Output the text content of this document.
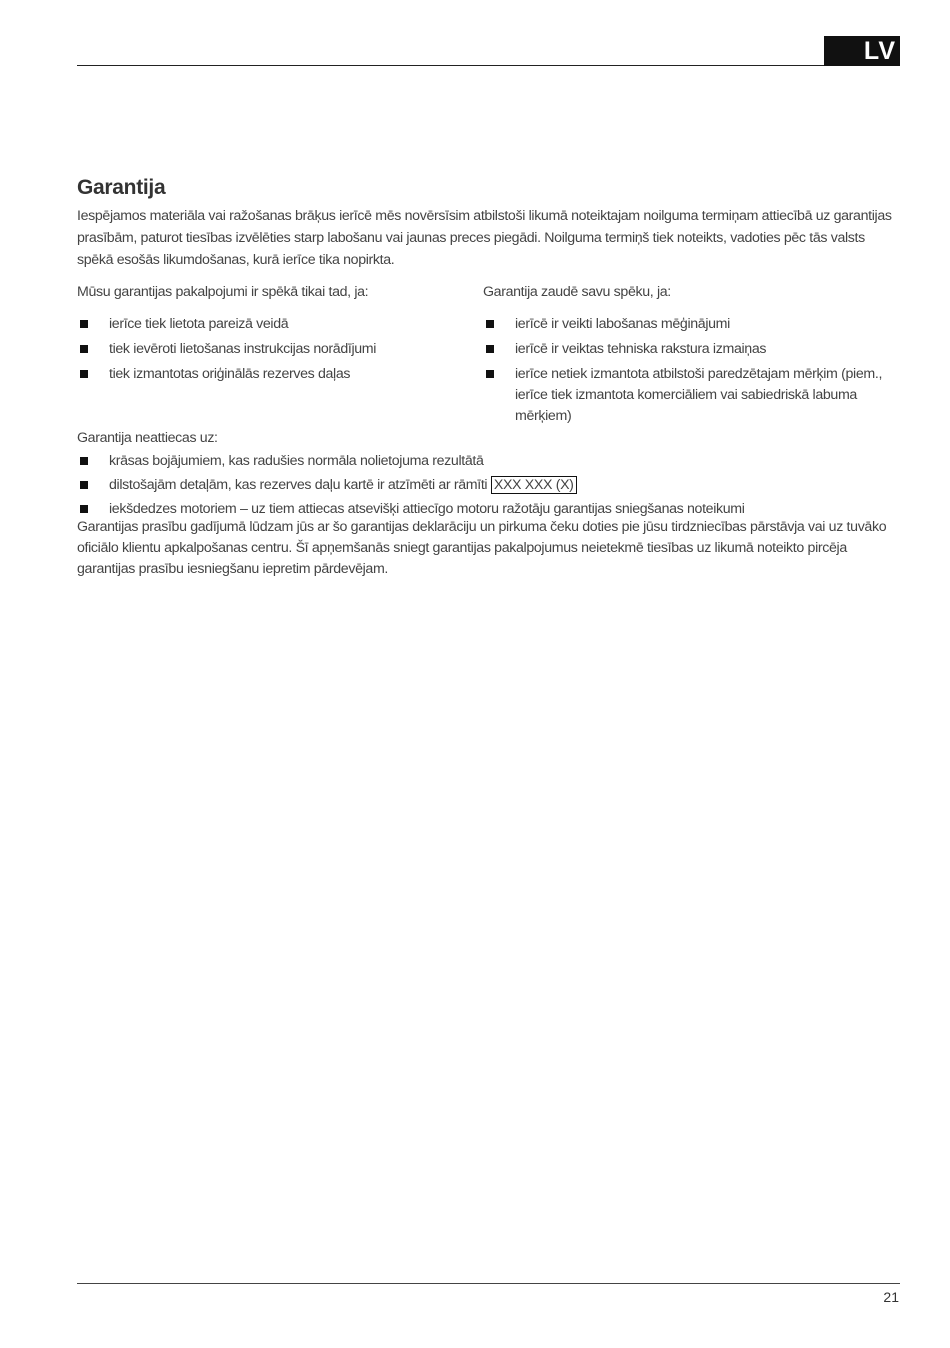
LV
Garantija

Iespējamos materiāla vai ražošanas brāķus ierīcē mēs novērsīsim atbilstoši likumā noteiktajam noilguma termiņam attiecībā uz garantijas prasībām, paturot tiesības izvēlēties starp labošanu vai jaunas preces piegādi. Noilguma termiņš tiek noteikts, vadoties pēc tās valsts spēkā esošās likumdošanas, kurā ierīce tika nopirkta.

Mūsu garantijas pakalpojumi ir spēkā tikai tad, ja:

ierīce tiek lietota pareizā veidā
tiek ievēroti lietošanas instrukcijas norādījumi
tiek izmantotas oriģinālās rezerves daļas

Garantija zaudē savu spēku, ja:

ierīcē ir veikti labošanas mēģinājumi
ierīcē ir veiktas tehniska rakstura izmaiņas
ierīce netiek izmantota atbilstoši paredzētajam mērķim (piem., ierīce tiek izmantota komerciāliem vai sabiedriskā labuma mērķiem)

Garantija neattiecas uz:

krāsas bojājumiem, kas radušies normāla nolietojuma rezultātā
dilstošajām detaļām, kas rezerves daļu kartē ir atzīmēti ar rāmīti XXX XXX (X)
iekšdedzes motoriem – uz tiem attiecas atsevišķi attiecīgo motoru ražotāju garantijas sniegšanas noteikumi

Garantijas prasību gadījumā lūdzam jūs ar šo garantijas deklarāciju un pirkuma čeku doties pie jūsu tirdzniecības pārstāvja vai uz tuvāko oficiālo klientu apkalpošanas centru. Šī apņemšanās sniegt garantijas pakalpojumus neietekmē tiesības uz likumā noteikto pircēja garantijas prasību iesniegšanu iepretim pārdevējam.

21
